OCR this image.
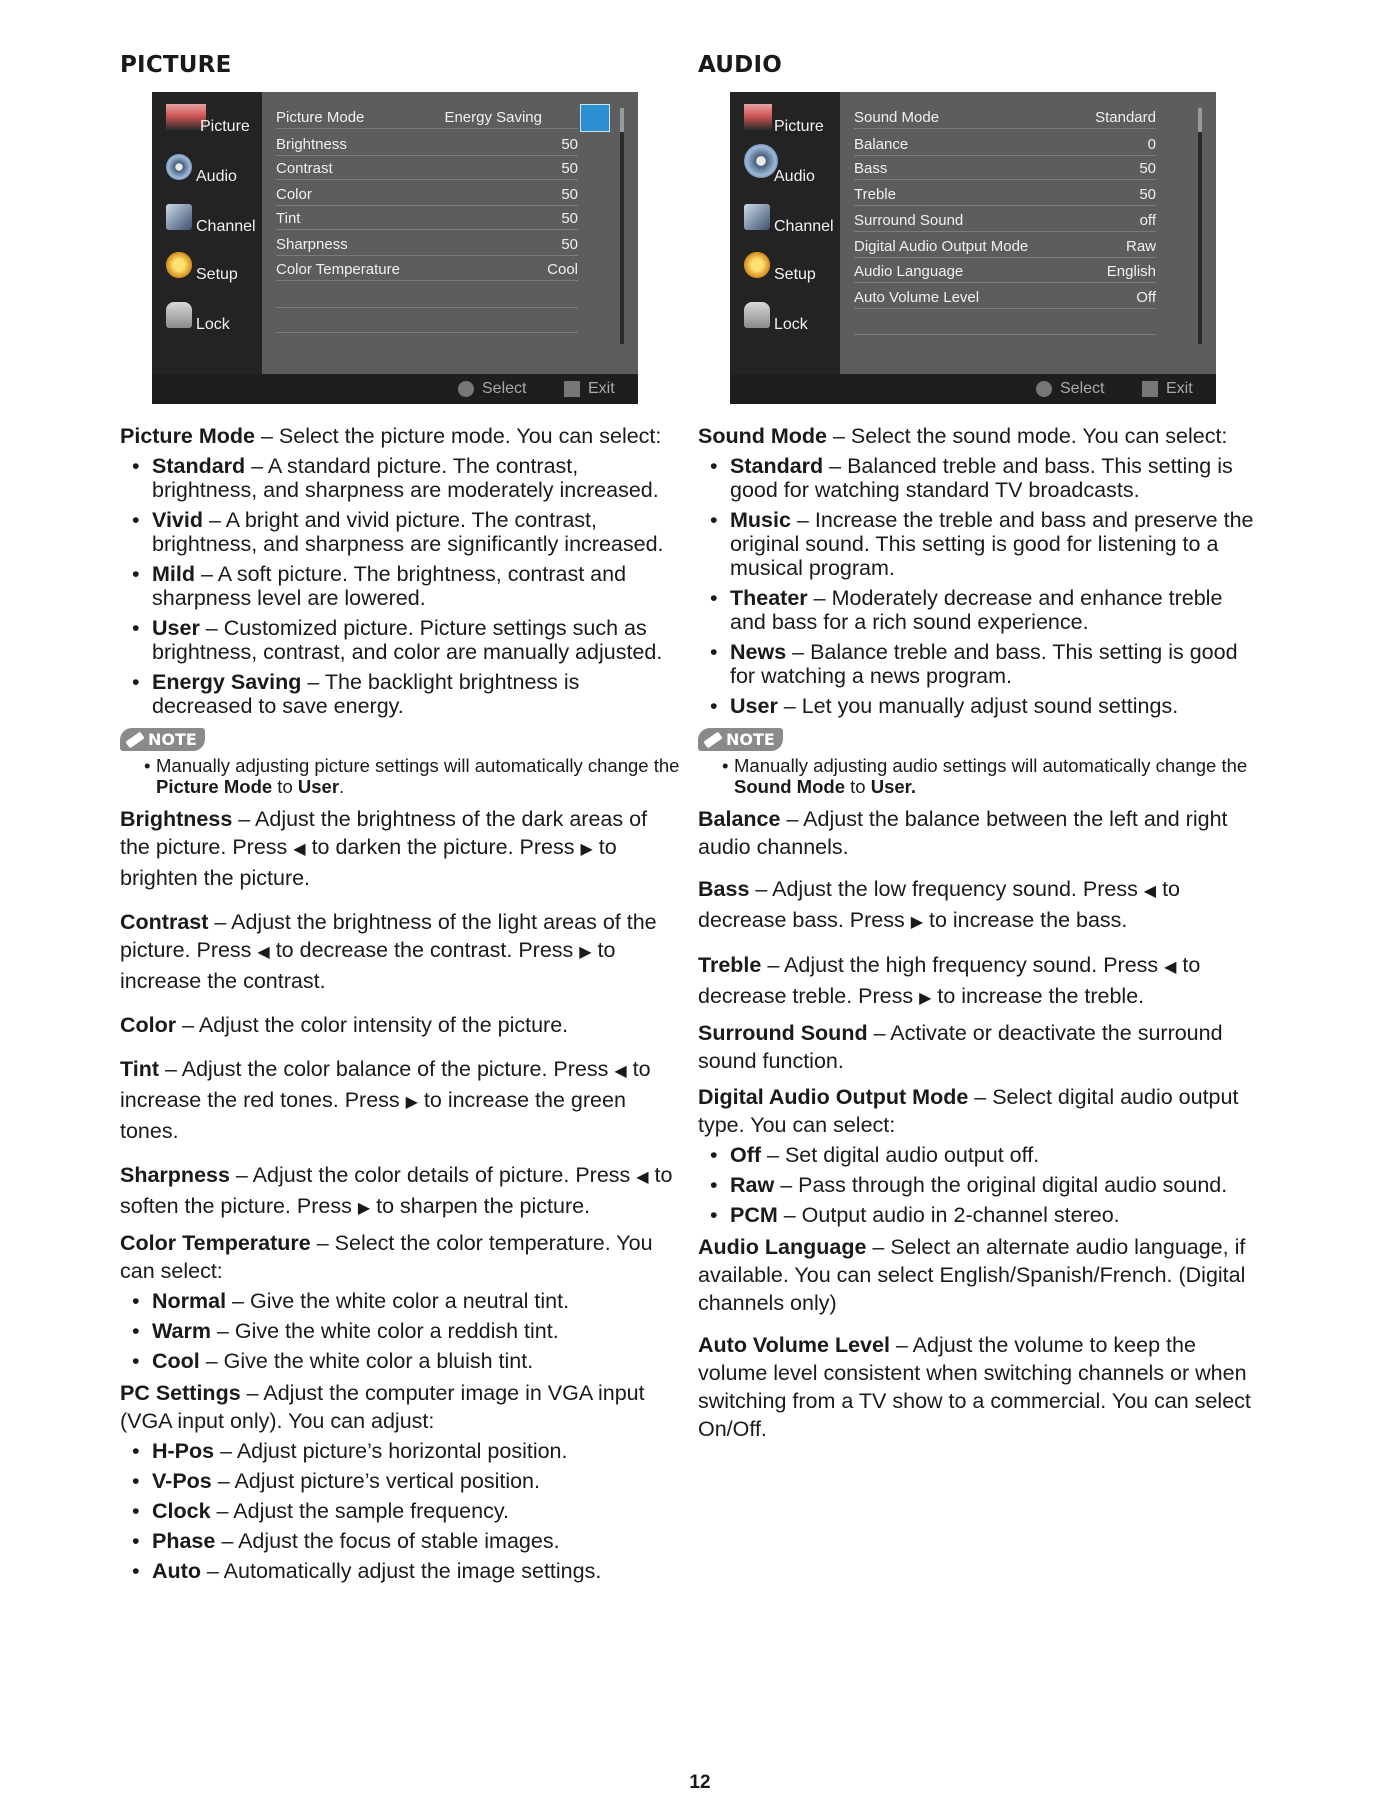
PICTURE
Picture
Audio
Channel
Setup
Lock
Picture Mode	Energy Saving
Brightness	50
Contrast	50
Color	50
Tint	50
Sharpness	50
Color Temperature	Cool
Select	Exit

Picture Mode – Select the picture mode. You can select:

• Standard – A standard picture. The contrast, brightness, and sharpness are moderately increased.
• Vivid – A bright and vivid picture. The contrast, brightness, and sharpness are significantly increased.
• Mild – A soft picture. The brightness, contrast and sharpness level are lowered.
• User – Customized picture. Picture settings such as brightness, contrast, and color are manually adjusted.
• Energy Saving – The backlight brightness is decreased to save energy.
NOTE

• Manually adjusting picture settings will automatically change the Picture Mode to User.

Brightness – Adjust the brightness of the dark areas of the picture. Press ◀ to darken the picture. Press ▶ to brighten the picture.

Contrast – Adjust the brightness of the light areas of the picture. Press ◀ to decrease the contrast. Press ▶ to increase the contrast.

Color – Adjust the color intensity of the picture.

Tint – Adjust the color balance of the picture. Press ◀ to increase the red tones. Press ▶ to increase the green tones.

Sharpness – Adjust the color details of picture. Press ◀ to soften the picture. Press ▶ to sharpen the picture.

Color Temperature – Select the color temperature. You can select:

• Normal – Give the white color a neutral tint.
• Warm – Give the white color a reddish tint.
• Cool – Give the white color a bluish tint.

PC Settings – Adjust the computer image in VGA input (VGA input only). You can adjust:

• H-Pos – Adjust picture’s horizontal position.
• V-Pos – Adjust picture’s vertical position.
• Clock – Adjust the sample frequency.
• Phase – Adjust the focus of stable images.
• Auto – Automatically adjust the image settings.
AUDIO
Picture
Audio
Channel
Setup
Lock
Sound Mode	Standard
Balance	0
Bass	50
Treble	50
Surround Sound	off
Digital Audio Output Mode	Raw
Audio Language	English
Auto Volume Level	Off
Select	Exit

Sound Mode – Select the sound mode. You can select:

• Standard – Balanced treble and bass. This setting is good for watching standard TV broadcasts.
• Music – Increase the treble and bass and preserve the original sound. This setting is good for listening to a musical program.
• Theater – Moderately decrease and enhance treble and bass for a rich sound experience.
• News – Balance treble and bass. This setting is good for watching a news program.
• User – Let you manually adjust sound settings.
NOTE

• Manually adjusting audio settings will automatically change the Sound Mode to User.

Balance – Adjust the balance between the left and right audio channels.

Bass – Adjust the low frequency sound. Press ◀ to decrease bass. Press ▶ to increase the bass.

Treble – Adjust the high frequency sound. Press ◀ to decrease treble. Press ▶ to increase the treble.

Surround Sound – Activate or deactivate the surround sound function.

Digital Audio Output Mode – Select digital audio output type. You can select:

• Off – Set digital audio output off.
• Raw – Pass through the original digital audio sound.
• PCM – Output audio in 2-channel stereo.

Audio Language – Select an alternate audio language, if available. You can select English/Spanish/French. (Digital channels only)

Auto Volume Level – Adjust the volume to keep the volume level consistent when switching channels or when switching from a TV show to a commercial. You can select On/Off.

12
